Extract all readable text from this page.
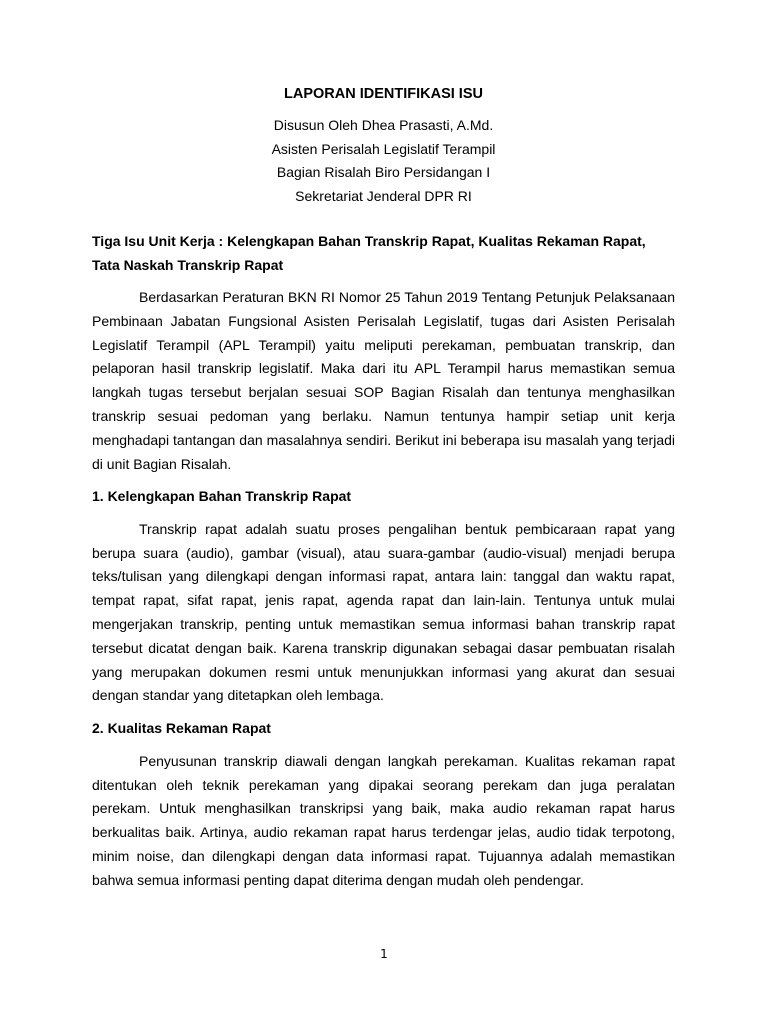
LAPORAN IDENTIFIKASI ISU

Disusun Oleh Dhea Prasasti, A.Md.

Asisten Perisalah Legislatif Terampil

Bagian Risalah Biro Persidangan I

Sekretariat Jenderal DPR RI

Tiga Isu Unit Kerja : Kelengkapan Bahan Transkrip Rapat, Kualitas Rekaman Rapat, Tata Naskah Transkrip Rapat

Berdasarkan Peraturan BKN RI Nomor 25 Tahun 2019 Tentang Petunjuk Pelaksanaan Pembinaan Jabatan Fungsional Asisten Perisalah Legislatif, tugas dari Asisten Perisalah Legislatif Terampil (APL Terampil) yaitu meliputi perekaman, pembuatan transkrip, dan pelaporan hasil transkrip legislatif. Maka dari itu APL Terampil harus memastikan semua langkah tugas tersebut berjalan sesuai SOP Bagian Risalah dan tentunya menghasilkan transkrip sesuai pedoman yang berlaku. Namun tentunya hampir setiap unit kerja menghadapi tantangan dan masalahnya sendiri. Berikut ini beberapa isu masalah yang terjadi di unit Bagian Risalah.

1. Kelengkapan Bahan Transkrip Rapat

Transkrip rapat adalah suatu proses pengalihan bentuk pembicaraan rapat yang berupa suara (audio), gambar (visual), atau suara-gambar (audio-visual) menjadi berupa teks/tulisan yang dilengkapi dengan informasi rapat, antara lain: tanggal dan waktu rapat, tempat rapat, sifat rapat, jenis rapat, agenda rapat dan lain-lain. Tentunya untuk mulai mengerjakan transkrip, penting untuk memastikan semua informasi bahan transkrip rapat tersebut dicatat dengan baik. Karena transkrip digunakan sebagai dasar pembuatan risalah yang merupakan dokumen resmi untuk menunjukkan informasi yang akurat dan sesuai dengan standar yang ditetapkan oleh lembaga.

2. Kualitas Rekaman Rapat

Penyusunan transkrip diawali dengan langkah perekaman. Kualitas rekaman rapat ditentukan oleh teknik perekaman yang dipakai seorang perekam dan juga peralatan perekam. Untuk menghasilkan transkripsi yang baik, maka audio rekaman rapat harus berkualitas baik. Artinya, audio rekaman rapat harus terdengar jelas, audio tidak terpotong, minim noise, dan dilengkapi dengan data informasi rapat. Tujuannya adalah memastikan bahwa semua informasi penting dapat diterima dengan mudah oleh pendengar.

1
